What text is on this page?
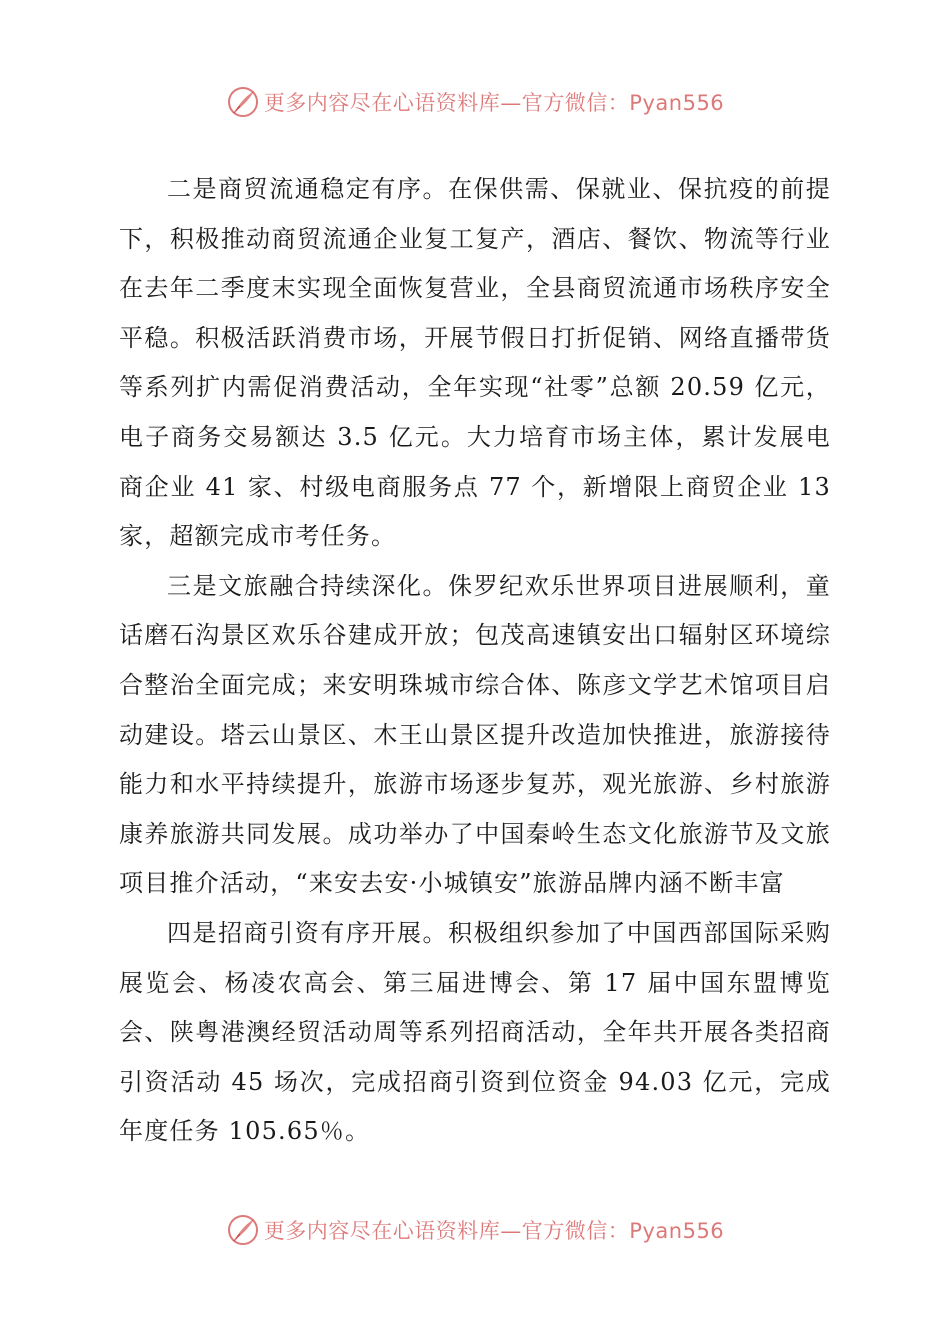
更多内容尽在心语资料库—官方微信：Pyan556

二是商贸流通稳定有序。在保供需、保就业、保抗疫的前提下，积极推动商贸流通企业复工复产，酒店、餐饮、物流等行业在去年二季度末实现全面恢复营业，全县商贸流通市场秩序安全平稳。积极活跃消费市场，开展节假日打折促销、网络直播带货等系列扩内需促消费活动，全年实现“社零”总额 20.59 亿元，电子商务交易额达 3.5 亿元。大力培育市场主体，累计发展电商企业 41 家、村级电商服务点 77 个，新增限上商贸企业 13 家，超额完成市考任务。

三是文旅融合持续深化。侏罗纪欢乐世界项目进展顺利，童话磨石沟景区欢乐谷建成开放；包茂高速镇安出口辐射区环境综合整治全面完成；来安明珠城市综合体、陈彦文学艺术馆项目启动建设。塔云山景区、木王山景区提升改造加快推进，旅游接待能力和水平持续提升，旅游市场逐步复苏，观光旅游、乡村旅游康养旅游共同发展。成功举办了中国秦岭生态文化旅游节及文旅项目推介活动，“来安去安·小城镇安”旅游品牌内涵不断丰富

四是招商引资有序开展。积极组织参加了中国西部国际采购展览会、杨凌农高会、第三届进博会、第 17 届中国东盟博览会、陕粤港澳经贸活动周等系列招商活动，全年共开展各类招商引资活动 45 场次，完成招商引资到位资金 94.03 亿元，完成年度任务 105.65％。

更多内容尽在心语资料库—官方微信：Pyan556
